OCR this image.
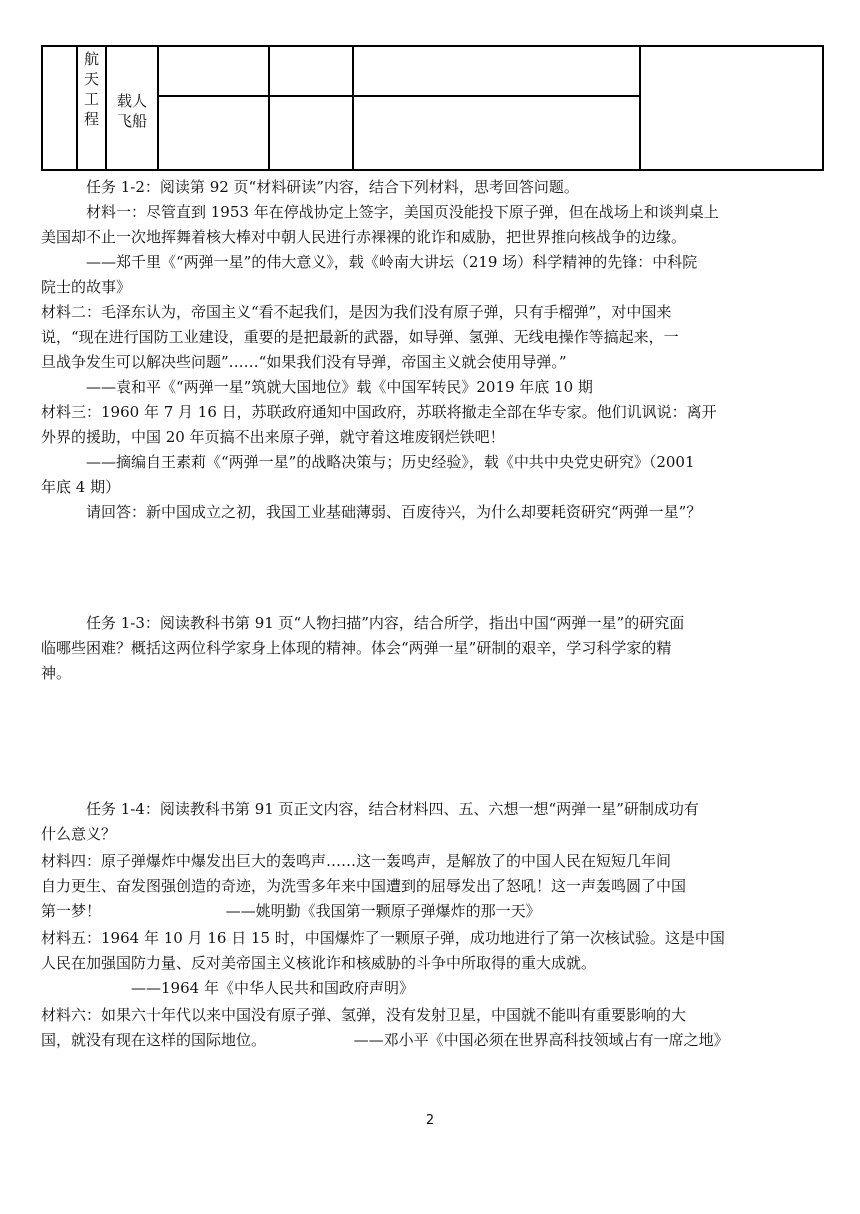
航
天
工
程
载人
飞船

任务 1-2：阅读第 92 页“材料研读”内容，结合下列材料，思考回答问题。

材料一：尽管直到 1953 年在停战协定上签字，美国页没能投下原子弹，但在战场上和谈判桌上

美国却不止一次地挥舞着核大棒对中朝人民进行赤裸裸的讹诈和威胁，把世界推向核战争的边缘。

——郑千里《“两弹一星”的伟大意义》，载《岭南大讲坛（219 场）科学精神的先锋：中科院

院士的故事》

材料二：毛泽东认为，帝国主义“看不起我们，是因为我们没有原子弹，只有手榴弹”，对中国来

说，“现在进行国防工业建设，重要的是把最新的武器，如导弹、氢弹、无线电操作等搞起来，一

旦战争发生可以解决些问题”……“如果我们没有导弹，帝国主义就会使用导弹。”

——袁和平《“两弹一星”筑就大国地位》载《中国军转民》2019 年底 10 期

材料三：1960 年 7 月 16 日，苏联政府通知中国政府，苏联将撤走全部在华专家。他们讥讽说：离开

外界的援助，中国 20 年页搞不出来原子弹，就守着这堆废钢烂铁吧！

——摘编自王素莉《“两弹一星”的战略决策与；历史经验》，载《中共中央党史研究》（2001

年底 4 期）

请回答：新中国成立之初，我国工业基础薄弱、百废待兴，为什么却要耗资研究“两弹一星”？

任务 1-3：阅读教科书第 91 页“人物扫描”内容，结合所学，指出中国“两弹一星”的研究面

临哪些困难？概括这两位科学家身上体现的精神。体会“两弹一星”研制的艰辛，学习科学家的精

神。

任务 1-4：阅读教科书第 91 页正文内容，结合材料四、五、六想一想“两弹一星”研制成功有

什么意义？

材料四：原子弹爆炸中爆发出巨大的轰鸣声……这一轰鸣声，是解放了的中国人民在短短几年间

自力更生、奋发图强创造的奇迹，为洗雪多年来中国遭到的屈辱发出了怒吼！这一声轰鸣圆了中国

第一梦！	——姚明勤《我国第一颗原子弹爆炸的那一天》

材料五：1964 年 10 月 16 日 15 时，中国爆炸了一颗原子弹，成功地进行了第一次核试验。这是中国

人民在加强国防力量、反对美帝国主义核讹诈和核威胁的斗争中所取得的重大成就。

——1964 年《中华人民共和国政府声明》

材料六：如果六十年代以来中国没有原子弹、氢弹，没有发射卫星，中国就不能叫有重要影响的大

国，就没有现在这样的国际地位。	——邓小平《中国必须在世界高科技领域占有一席之地》

2
